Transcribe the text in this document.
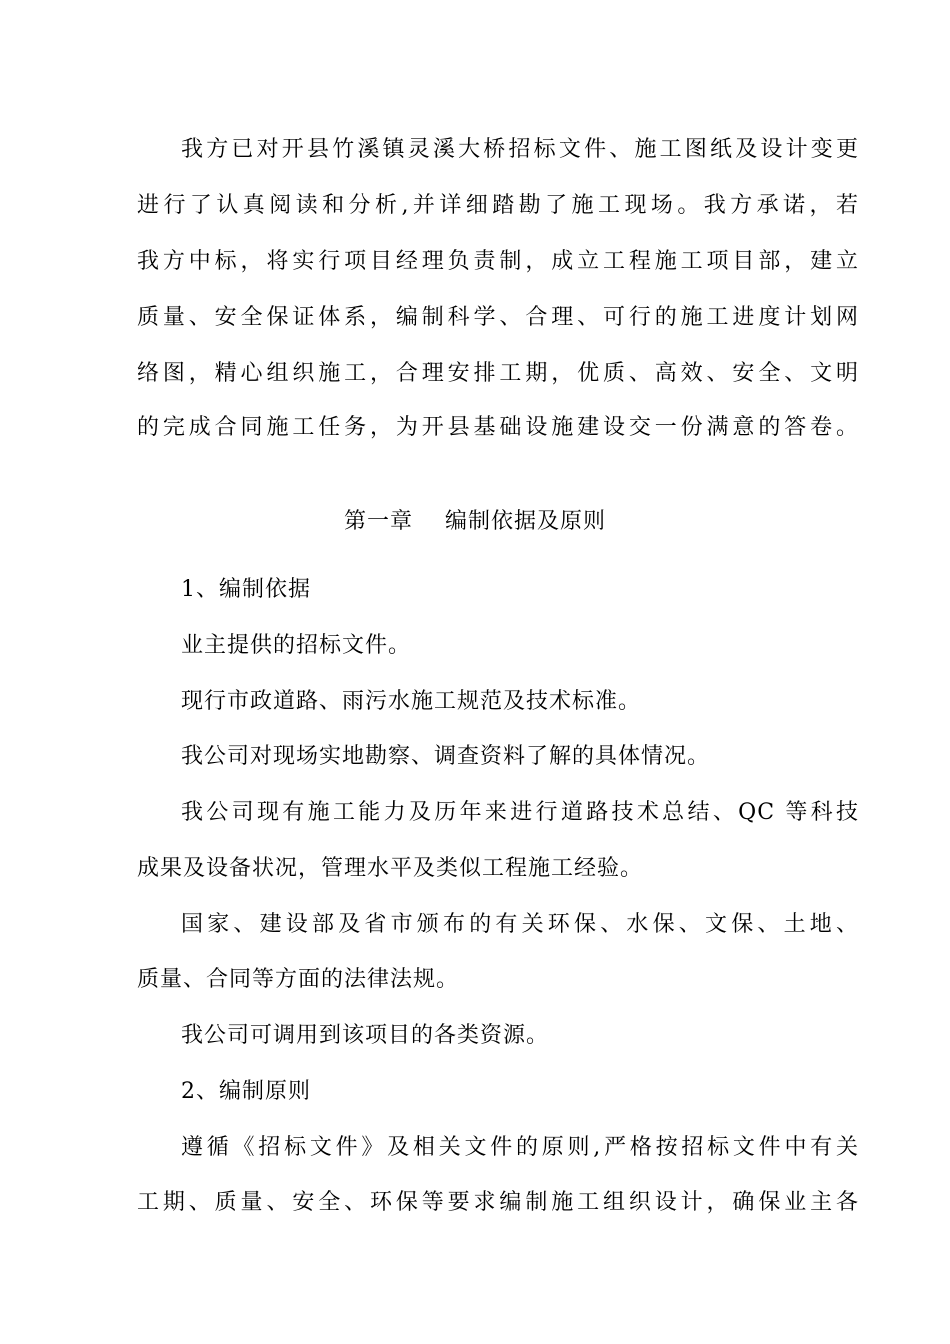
我方已对开县竹溪镇灵溪大桥招标文件、施工图纸及设计变更
进行了认真阅读和分析,并详细踏勘了施工现场。我方承诺，若
我方中标，将实行项目经理负责制，成立工程施工项目部，建立
质量、安全保证体系，编制科学、合理、可行的施工进度计划网
络图，精心组织施工，合理安排工期，优质、高效、安全、文明
的完成合同施工任务，为开县基础设施建设交一份满意的答卷。
第一章    编制依据及原则
1、编制依据
业主提供的招标文件。
现行市政道路、雨污水施工规范及技术标准。
我公司对现场实地勘察、调查资料了解的具体情况。
我公司现有施工能力及历年来进行道路技术总结、QC 等科技
成果及设备状况，管理水平及类似工程施工经验。
国家、建设部及省市颁布的有关环保、水保、文保、土地、
质量、合同等方面的法律法规。
我公司可调用到该项目的各类资源。
2、编制原则
遵循《招标文件》及相关文件的原则,严格按招标文件中有关
工期、质量、安全、环保等要求编制施工组织设计，确保业主各
